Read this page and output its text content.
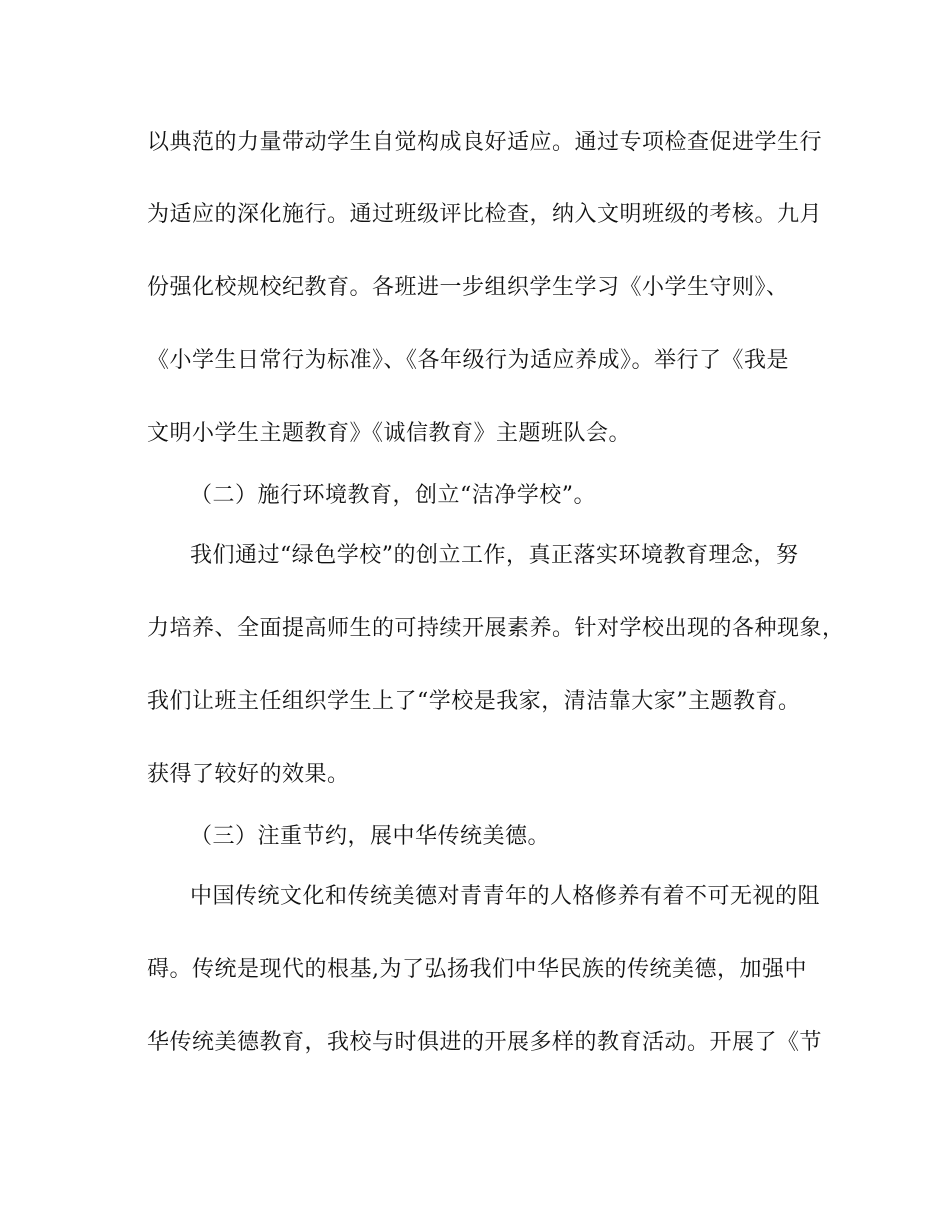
以典范的力量带动学生自觉构成良好适应。通过专项检查促进学生行
为适应的深化施行。通过班级评比检查，纳入文明班级的考核。九月
份强化校规校纪教育。各班进一步组织学生学习《小学生守则》、
《小学生日常行为标准》、《各年级行为适应养成》。举行了《我是
文明小学生主题教育》《诚信教育》主题班队会。
（二）施行环境教育，创立“洁净学校”。
我们通过“绿色学校”的创立工作，真正落实环境教育理念，努
力培养、全面提高师生的可持续开展素养。针对学校出现的各种现象，
我们让班主任组织学生上了“学校是我家，清洁靠大家”主题教育。
获得了较好的效果。
（三）注重节约，展中华传统美德。
中国传统文化和传统美德对青青年的人格修养有着不可无视的阻
碍。传统是现代的根基,为了弘扬我们中华民族的传统美德，加强中
华传统美德教育，我校与时俱进的开展多样的教育活动。开展了《节
